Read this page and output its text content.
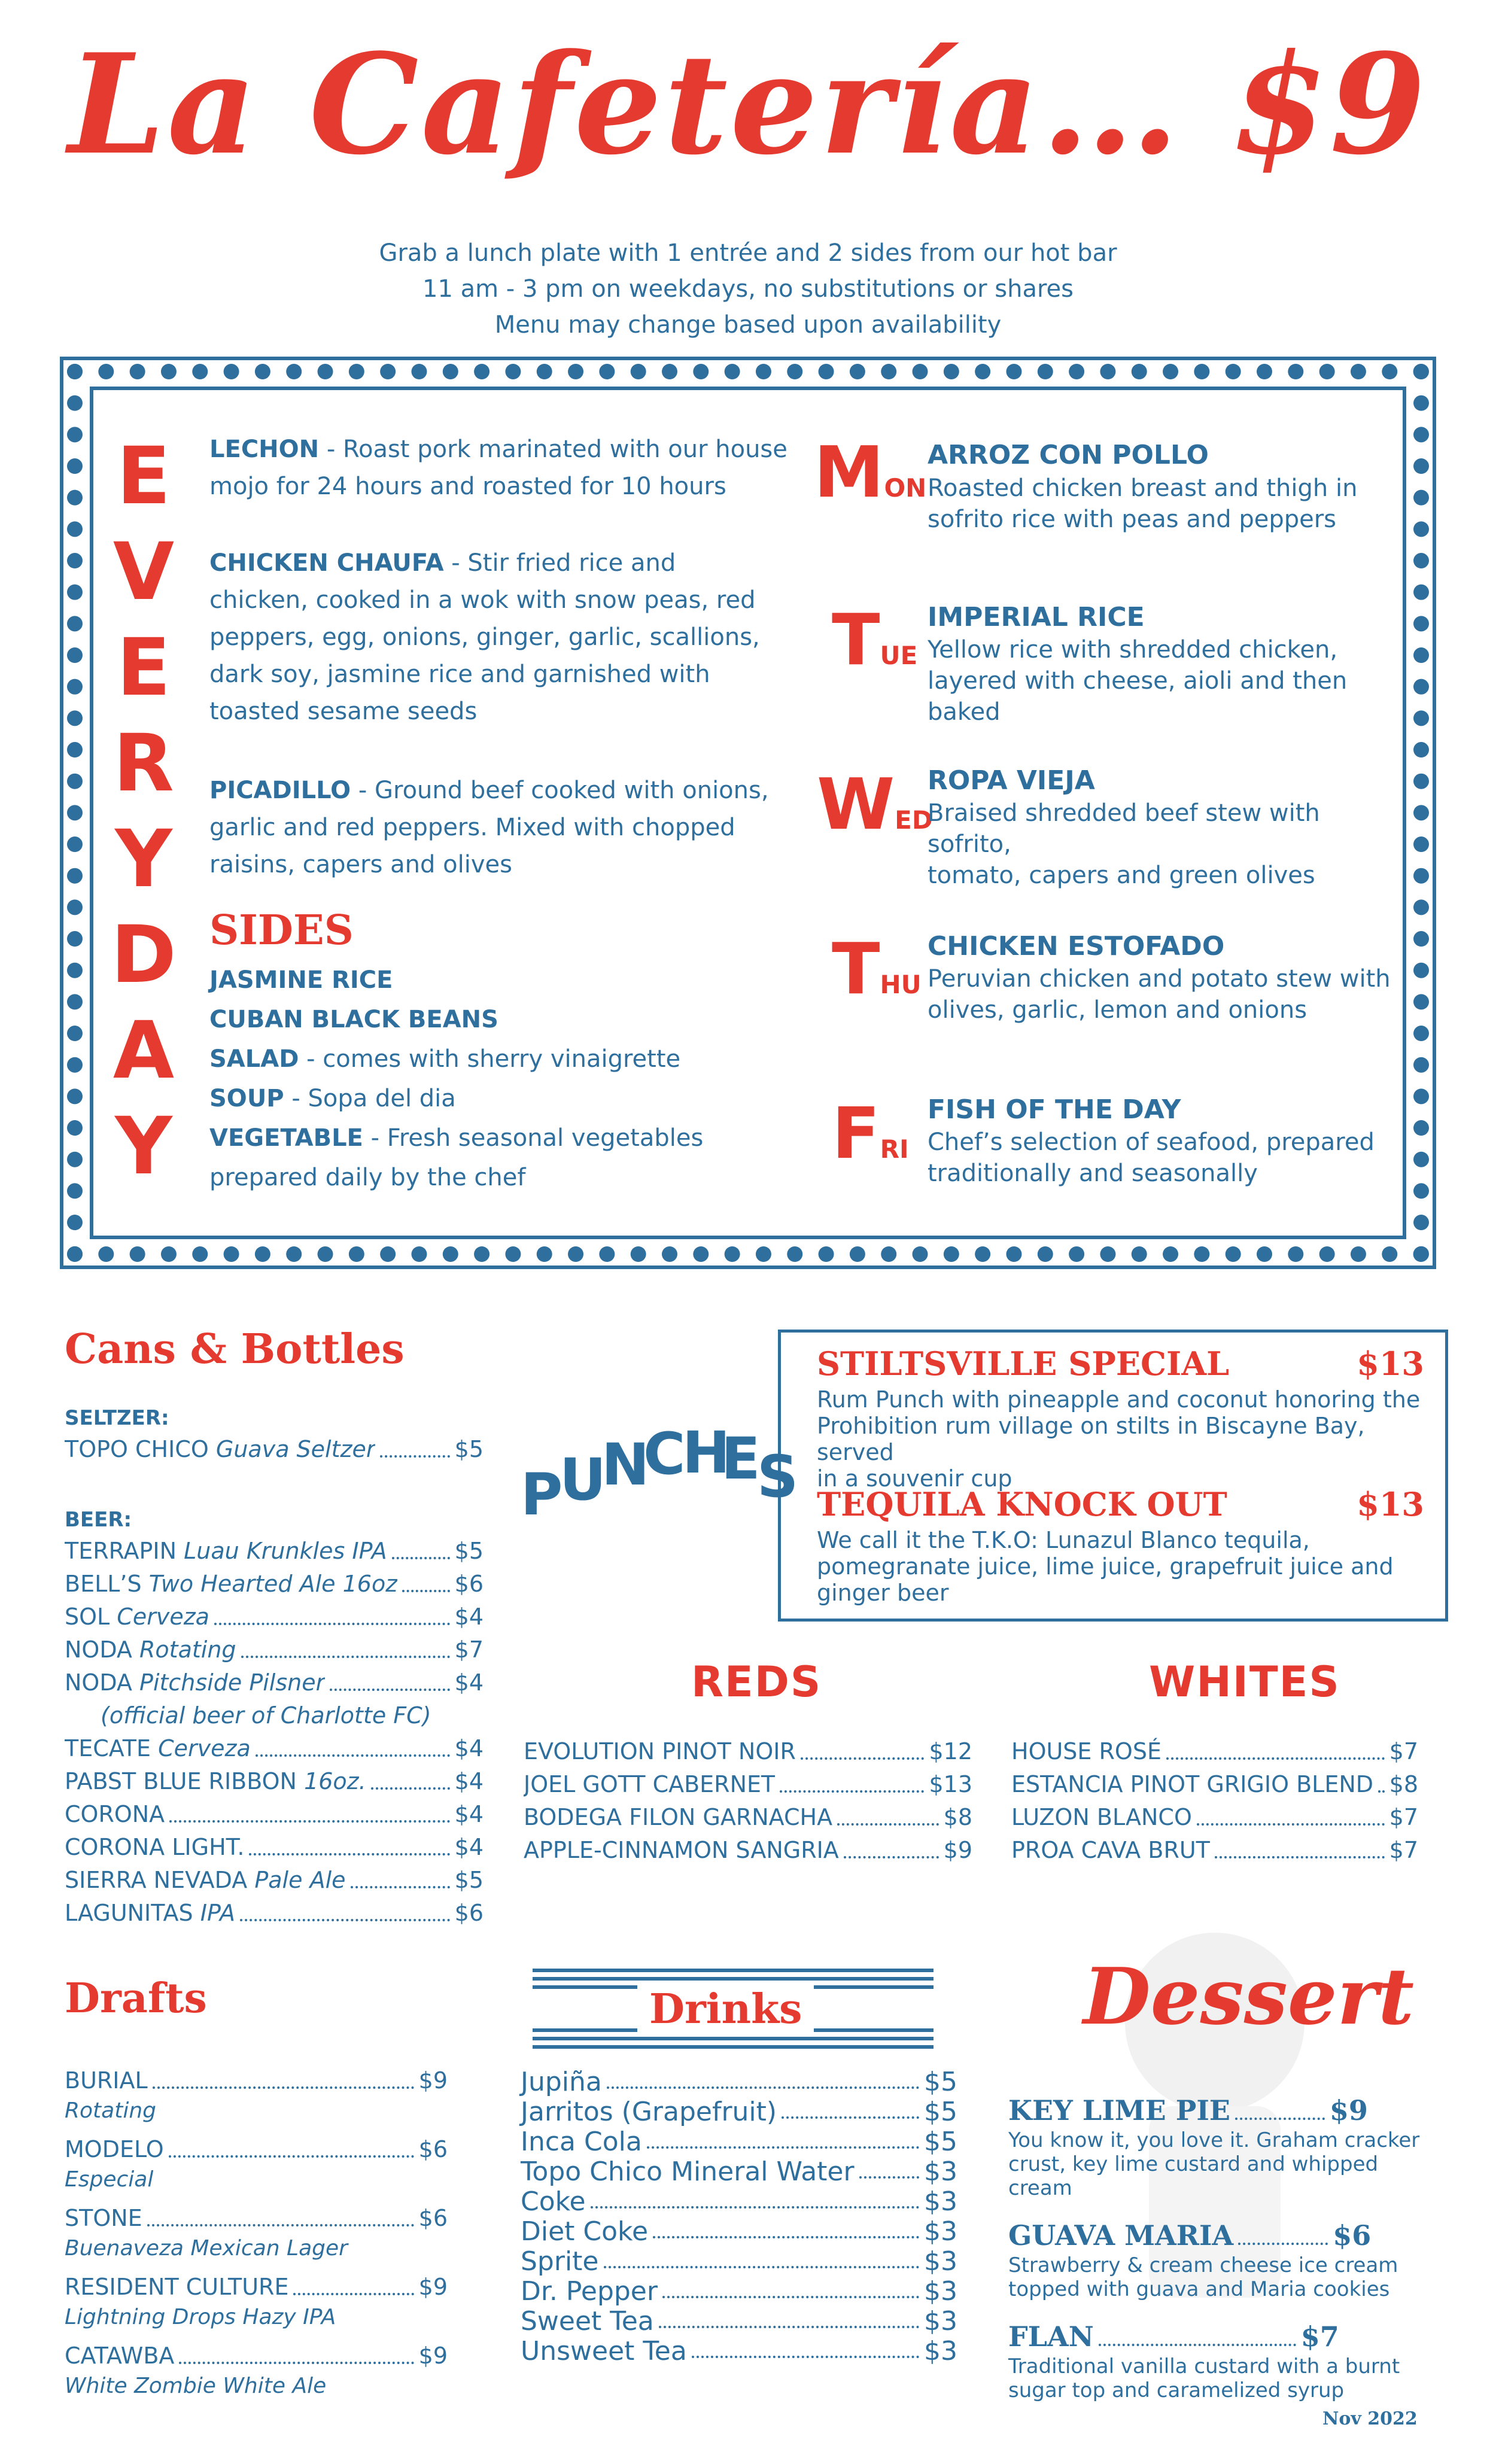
La Cafetería… $9
Grab a lunch plate with 1 entrée and 2 sides from our hot bar
11 am - 3 pm on weekdays, no substitutions or shares
Menu may change based upon availability
E
V
E
R
Y
D
A
Y
LECHON - Roast pork marinated with our house
mojo for 24 hours and roasted for 10 hours
CHICKEN CHAUFA - Stir fried rice and
chicken, cooked in a wok with snow peas, red
peppers, egg, onions, ginger, garlic, scallions,
dark soy, jasmine rice and garnished with
toasted sesame seeds
PICADILLO - Ground beef cooked with onions,
garlic and red peppers. Mixed with chopped
raisins, capers and olives
SIDES
JASMINE RICE
CUBAN BLACK BEANS
SALAD - comes with sherry vinaigrette
SOUP - Sopa del dia
VEGETABLE - Fresh seasonal vegetables
prepared daily by the chef
MON
ARROZ CON POLLO
Roasted chicken breast and thigh in
sofrito rice with peas and peppers
TUE
IMPERIAL RICE
Yellow rice with shredded chicken,
layered with cheese, aioli and then baked
WED
ROPA VIEJA
Braised shredded beef stew with sofrito,
tomato, capers and green olives
THU
CHICKEN ESTOFADO
Peruvian chicken and potato stew with
olives, garlic, lemon and onions
FRI
FISH OF THE DAY
Chef’s selection of seafood, prepared
traditionally and seasonally
Cans & Bottles
SELTZER:
TOPO CHICO Guava Seltzer	$5
BEER:
TERRAPIN Luau Krunkles IPA	$5
BELL’S Two Hearted Ale 16oz	$6
SOL Cerveza	$4
NODA Rotating	$7
NODA Pitchside Pilsner	$4
(official beer of Charlotte FC)
TECATE Cerveza	$4
PABST BLUE RIBBON 16oz.	$4
CORONA	$4
CORONA LIGHT.	$4
SIERRA NEVADA Pale Ale	$5
LAGUNITAS IPA	$6
P
U
N
C
H
E
S
STILTSVILLE SPECIAL	$13
Rum Punch with pineapple and coconut honoring the
Prohibition rum village on stilts in Biscayne Bay, served
in a souvenir cup
TEQUILA KNOCK OUT	$13
We call it the T.K.O: Lunazul Blanco tequila,
pomegranate juice, lime juice, grapefruit juice and
ginger beer
REDS
EVOLUTION PINOT NOIR	$12
JOEL GOTT CABERNET	$13
BODEGA FILON GARNACHA	$8
APPLE-CINNAMON SANGRIA	$9
WHITES
HOUSE ROSÉ	$7
ESTANCIA PINOT GRIGIO BLEND $8
LUZON BLANCO	$7
PROA CAVA BRUT	$7
Drafts
BURIAL	$9
Rotating
MODELO	$6
Especial
STONE	$6
Buenaveza Mexican Lager
RESIDENT CULTURE	$9
Lightning Drops Hazy IPA
CATAWBA	$9
White Zombie White Ale
Drinks
Jupiña	$5
Jarritos (Grapefruit)	$5
Inca Cola	$5
Topo Chico Mineral Water	$3
Coke	$3
Diet Coke	$3
Sprite	$3
Dr. Pepper	$3
Sweet Tea	$3
Unsweet Tea	$3
Dessert
KEY LIME PIE	$9
You know it, you love it. Graham cracker
crust, key lime custard and whipped cream
GUAVA MARIA	$6
Strawberry & cream cheese ice cream
topped with guava and Maria cookies
FLAN	$7
Traditional vanilla custard with a burnt
sugar top and caramelized syrup
Nov 2022
